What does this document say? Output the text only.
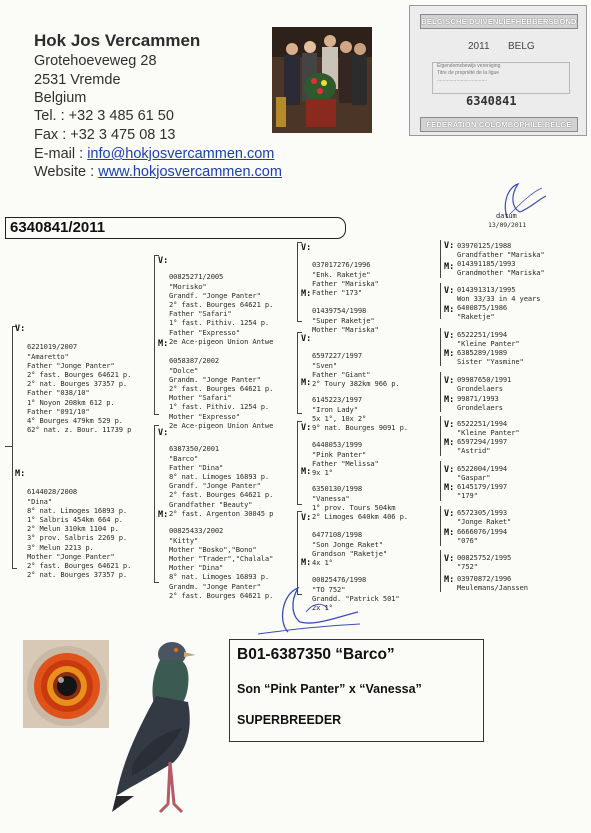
Hok Jos Vercammen
Grotehoeveweg 28
2531 Vremde
Belgium
Tel. : +32 3 485 61 50
Fax : +32 3 475 08 13
E-mail : info@hokjosvercammen.com
Website : www.hokjosvercammen.com
BELGISCHE DUIVENLIEFHEBBERSBOND
2011 BELG
Eigendomsbewijs vereniging
Titre de propriété de la ligue
....................................
6340841
FEDERATION COLOMBOPHILE BELGE
datum
13/09/2011
6340841/2011
V:

6221019/2007
"Amaretto"
Father "Jonge Panter"
2° fast. Bourges 64621 p.
2° nat. Bourges 37357 p.
Father "038/10"
1° Noyon 208km 612 p.
Father "091/10"
4° Bourges 479km 529 p.
62° nat. z. Bour. 11739 p

M:

6144028/2008
"Dina"
8° nat. Limoges 16893 p.
1° Salbris 454km 664 p.
2° Melun 310km 1104 p.
3° prov. Salbris 2269 p.
3° Melun 2213 p.
Mother "Jonge Panter"
2° fast. Bourges 64621 p.
2° nat. Bourges 37357 p.

V:

00825271/2005
"Morisko"
Grandf. "Jonge Panter"
2° fast. Bourges 64621 p.
Father "Safari"
1° fast. Pithiv. 1254 p.
Father "Expresso"
2e Ace-pigeon Union Antwe

M:

6058387/2002
"Dolce"
Grandm. "Jonge Panter"
2° fast. Bourges 64621 p.
Mother "Safari"
1° fast. Pithiv. 1254 p.
Mother "Expresso"
2e Ace-pigeon Union Antwe

V:

6387350/2001
"Barco"
Father "Dina"
8° nat. Limoges 16893 p.
Grandf. "Jonge Panter"
2° fast. Bourges 64621 p.
Grandfather "Beauty"
2° fast. Argenton 30045 p

M:

00825433/2002
"Kitty"
Mother "Bosko","Bono"
Mother "Trader","Chalala"
Mother "Dina"
8° nat. Limoges 16893 p.
Grandm. "Jonge Panter"
2° fast. Bourges 64621 p.

V:

037017276/1996
"Enk. Raketje"
Father "Mariska"
Father "173"

M:

01439754/1998
"Super Raketje"
Mother "Mariska"

V:

6597227/1997
"Sven"
Father "Giant"
2° Toury 382km 966 p.

M:

6145223/1997
"Iron Lady"
5x 1°, 10x 2°
9° nat. Bourges 9091 p.

V:

6448053/1999
"Pink Panter"
Father "Melissa"
9x 1°

M:

6350130/1998
"Vanessa"
1° prov. Tours 504km
2° Limoges 640km 406 p.

V:

6477108/1998
"Son Jonge Raket"
Grandson "Raketje"
4x 1°

M:

00825476/1998
"TO 752"
Grandd. "Patrick 501"
2x 1°

V: 03970125/1988
Grandfather "Mariska"
M: 014391185/1993
Grandmother "Mariska"
V: 014391313/1995
Won 33/33 in 4 years
M: 6400875/1986
"Raketje"
V: 6522251/1994
"Kleine Panter"
M: 6385289/1989
Sister "Yasmine"
V: 09987650/1991
Grondelaers
M: 99871/1993
Grondelaers
V: 6522251/1994
"Kleine Panter"
M: 6597294/1997
"Astrid"
V: 6522004/1994
"Gaspar"
M: 6145179/1997
"179"
V: 6572305/1993
"Jonge Raket"
M: 6666076/1994
"076"
V: 00825752/1995
"752"
M: 03970872/1996
Meulemans/Janssen
B01-6387350 “Barco”
Son “Pink Panter” x “Vanessa”
SUPERBREEDER
